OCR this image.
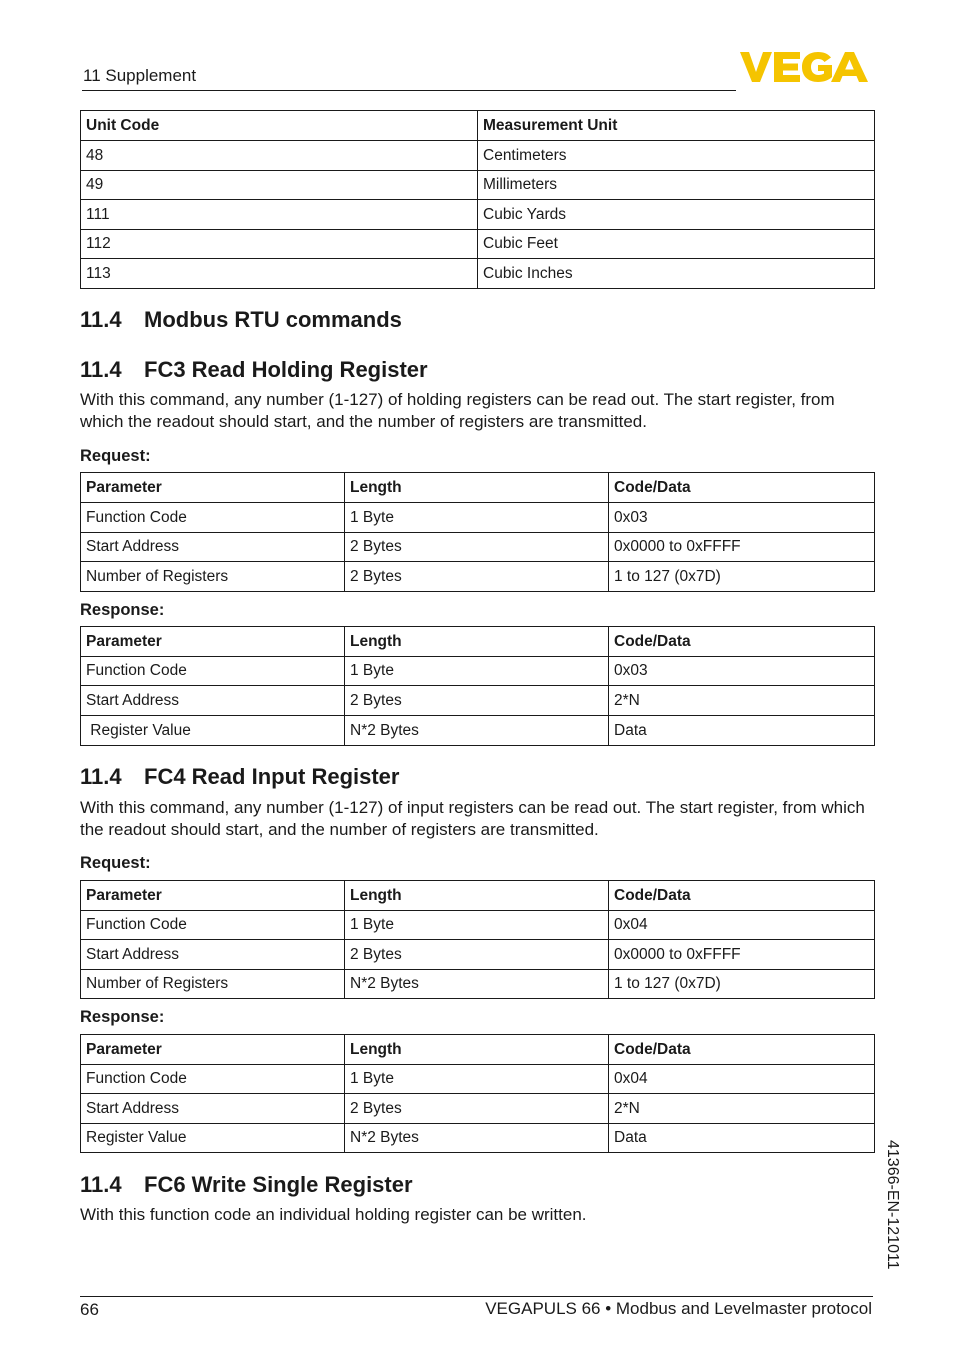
11 Supplement
Unit Code	Measurement Unit
48	Centimeters
49	Millimeters
111	Cubic Yards
112	Cubic Feet
113	Cubic Inches
11.4 Modbus RTU commands
11.4 FC3 Read Holding Register

With this command, any number (1-127) of holding registers can be read out. The start register, from which the readout should start, and the number of registers are transmitted.

Request:
Parameter	Length	Code/Data
Function Code	1 Byte	0x03
Start Address	2 Bytes	0x0000 to 0xFFFF
Number of Registers	2 Bytes	1 to 127 (0x7D)
Response:
Parameter	Length	Code/Data
Function Code	1 Byte	0x03
Start Address	2 Bytes	2*N
Register Value	N*2 Bytes	Data
11.4 FC4 Read Input Register

With this command, any number (1-127) of input registers can be read out. The start register, from which the readout should start, and the number of registers are transmitted.

Request:
Parameter	Length	Code/Data
Function Code	1 Byte	0x04
Start Address	2 Bytes	0x0000 to 0xFFFF
Number of Registers	N*2 Bytes	1 to 127 (0x7D)
Response:
Parameter	Length	Code/Data
Function Code	1 Byte	0x04
Start Address	2 Bytes	2*N
Register Value	N*2 Bytes	Data
11.4 FC6 Write Single Register

With this function code an individual holding register can be written.	41366-EN-121011
66	VEGAPULS 66 • Modbus and Levelmaster protocol
